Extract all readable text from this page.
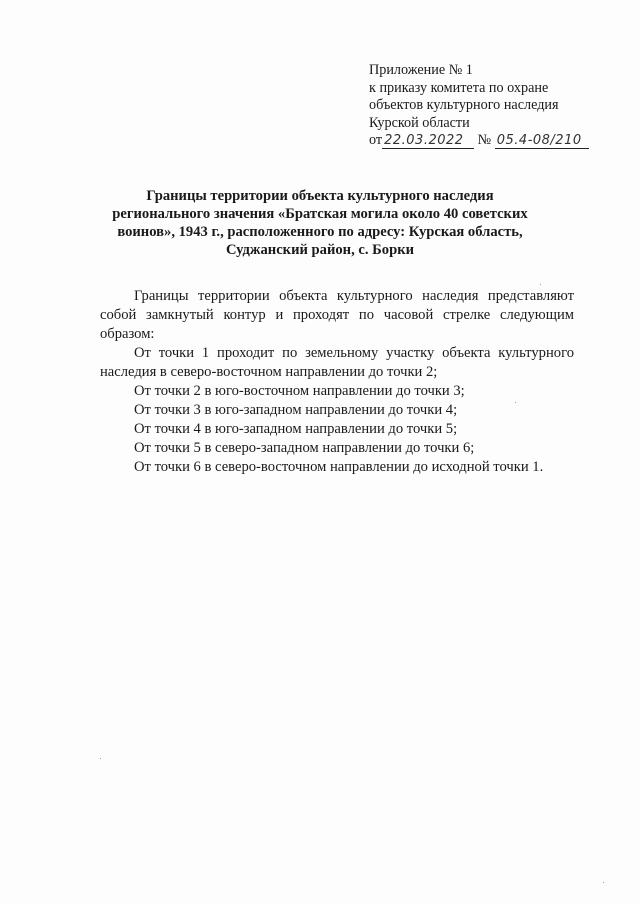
Приложение № 1
к приказу комитета по охране
объектов культурного наследия
Курской области
от 22.03.2022 № 05.4-08/210
Границы территории объекта культурного наследия
регионального значения «Братская могила около 40 советских
воинов», 1943 г., расположенного по адресу: Курская область,
Суджанский район, с. Борки

Границы территории объекта культурного наследия представляют собой замкнутый контур и проходят по часовой стрелке следующим образом:

От точки 1 проходит по земельному участку объекта культурного наследия в северо-восточном направлении до точки 2;

От точки 2 в юго-восточном направлении до точки 3;

От точки 3 в юго-западном направлении до точки 4;

От точки 4 в юго-западном направлении до точки 5;

От точки 5 в северо-западном направлении до точки 6;

От точки 6 в северо-восточном направлении до исходной точки 1.
